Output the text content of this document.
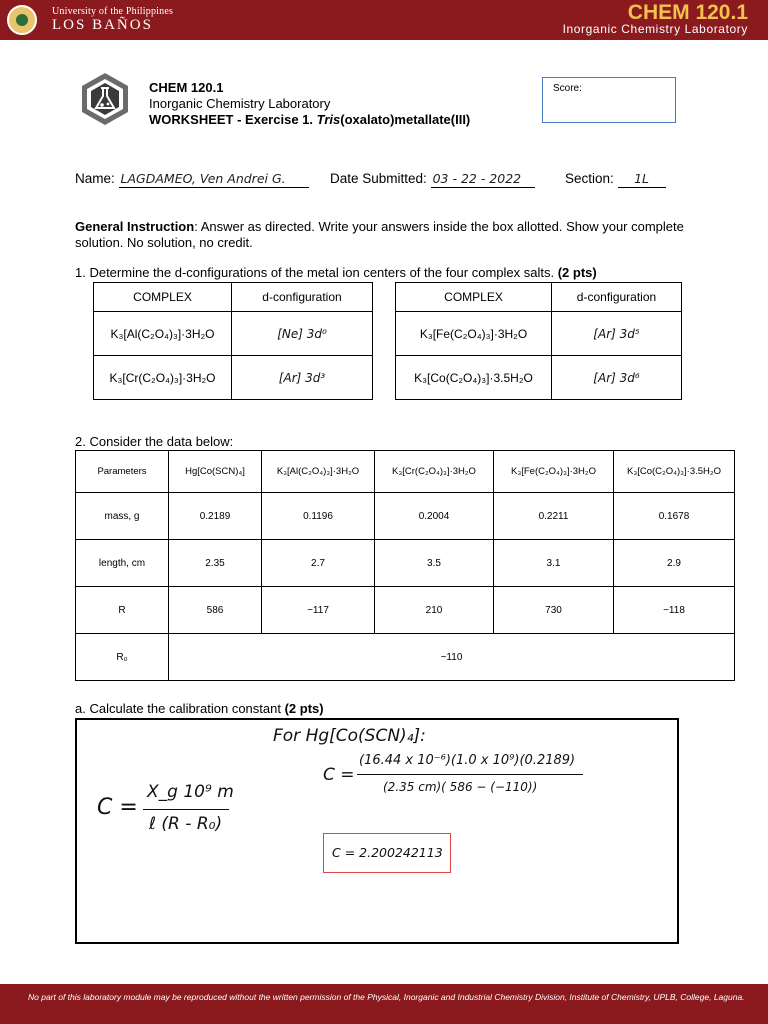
University of the Philippines
LOS BAÑOS
CHEM 120.1
Inorganic Chemistry Laboratory
CHEM 120.1
Inorganic Chemistry Laboratory
WORKSHEET - Exercise 1. Tris(oxalato)metallate(III)
Score:
Name: LAGDAMEO, Ven Andrei G.	Date Submitted: 03 - 22 - 2022	Section: 1L
General Instruction: Answer as directed. Write your answers inside the box allotted. Show your complete solution. No solution, no credit.
1. Determine the d-configurations of the metal ion centers of the four complex salts. (2 pts)
COMPLEX	d-configuration
K₃[Al(C₂O₄)₃]·3H₂O	[Ne] 3d⁰
K₃[Cr(C₂O₄)₃]·3H₂O	[Ar] 3d³
COMPLEX	d-configuration
K₃[Fe(C₂O₄)₃]·3H₂O	[Ar] 3d⁵
K₃[Co(C₂O₄)₃]·3.5H₂O	[Ar] 3d⁶
2. Consider the data below:
Parameters	Hg[Co(SCN)₄]	K₃[Al(C₂O₄)₃]·3H₂O	K₃[Cr(C₂O₄)₃]·3H₂O	K₃[Fe(C₂O₄)₃]·3H₂O	K₃[Co(C₂O₄)₃]·3.5H₂O
mass, g	0.2189	0.1196	0.2004	0.2211	0.1678
length, cm	2.35	2.7	3.5	3.1	2.9
R	586	−117	210	730	−118
R₀	−110				
a. Calculate the calibration constant (2 pts)
For Hg[Co(SCN)₄]:
C =
X_g 10⁹ m
ℓ (R - R₀)
C =
(16.44 x 10⁻⁶)(1.0 x 10⁹)(0.2189)
(2.35 cm)( 586 − (−110))
C = 2.200242113
No part of this laboratory module may be reproduced without the written permission of the Physical, Inorganic and Industrial Chemistry Division, Institute of Chemistry, UPLB, College, Laguna.
